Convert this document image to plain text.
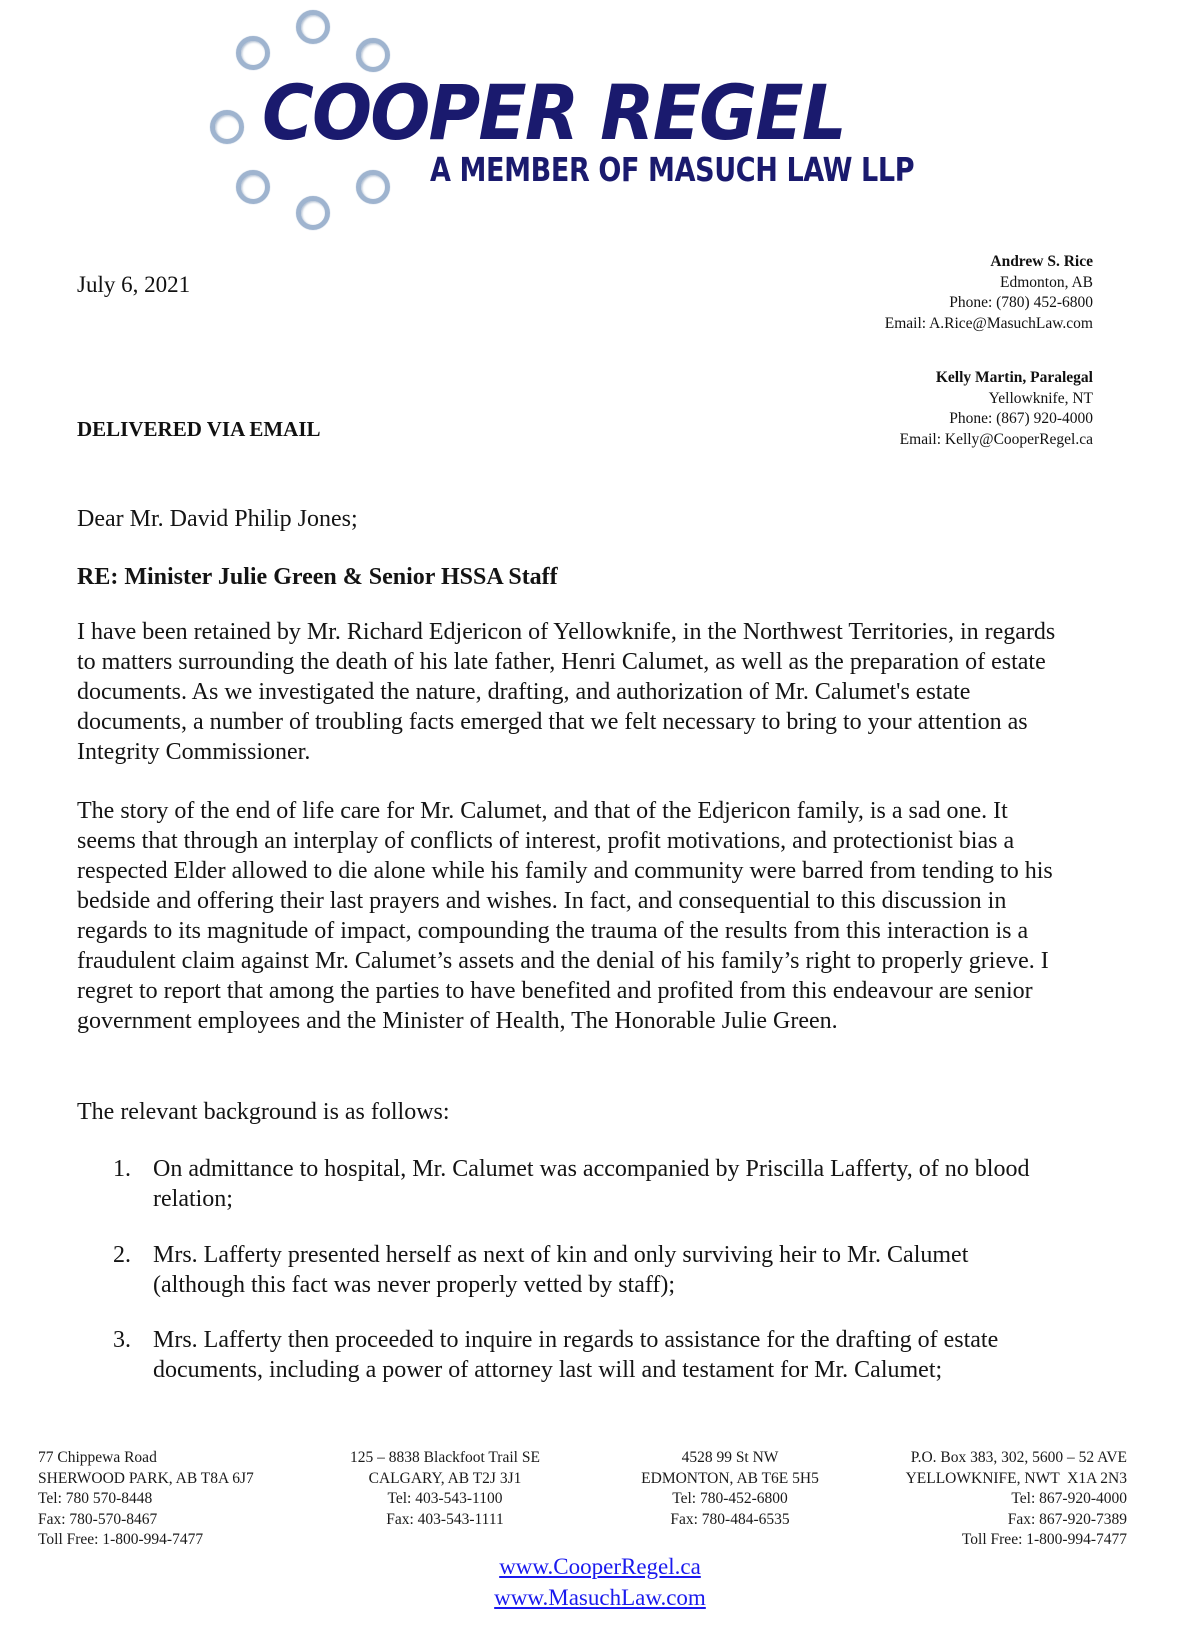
COOPER REGEL
A MEMBER OF MASUCH LAW LLP
July 6, 2021
DELIVERED VIA EMAIL
Andrew S. Rice
Edmonton, AB
Phone: (780) 452-6800
Email: A.Rice@MasuchLaw.com
Kelly Martin, Paralegal
Yellowknife, NT
Phone: (867) 920-4000
Email: Kelly@CooperRegel.ca
Dear Mr. David Philip Jones;
RE: Minister Julie Green & Senior HSSA Staff

I have been retained by Mr. Richard Edjericon of Yellowknife, in the Northwest Territories, in regards to matters surrounding the death of his late father, Henri Calumet, as well as the preparation of estate documents. As we investigated the nature, drafting, and authorization of Mr. Calumet's estate documents, a number of troubling facts emerged that we felt necessary to bring to your attention as Integrity Commissioner.

The story of the end of life care for Mr. Calumet, and that of the Edjericon family, is a sad one. It seems that through an interplay of conflicts of interest, profit motivations, and protectionist bias a respected Elder allowed to die alone while his family and community were barred from tending to his bedside and offering their last prayers and wishes. In fact, and consequential to this discussion in regards to its magnitude of impact, compounding the trauma of the results from this interaction is a fraudulent claim against Mr. Calumet’s assets and the denial of his family’s right to properly grieve. I regret to report that among the parties to have benefited and profited from this endeavour are senior government employees and the Minister of Health, The Honorable Julie Green.

The relevant background is as follows:

1. On admittance to hospital, Mr. Calumet was accompanied by Priscilla Lafferty, of no blood relation;
2. Mrs. Lafferty presented herself as next of kin and only surviving heir to Mr. Calumet (although this fact was never properly vetted by staff);
3. Mrs. Lafferty then proceeded to inquire in regards to assistance for the drafting of estate documents, including a power of attorney last will and testament for Mr. Calumet;
77 Chippewa Road
SHERWOOD PARK, AB T8A 6J7
Tel: 780 570-8448
Fax: 780-570-8467
Toll Free: 1-800-994-7477
125 – 8838 Blackfoot Trail SE
CALGARY, AB T2J 3J1
Tel: 403-543-1100
Fax: 403-543-1111
4528 99 St NW
EDMONTON, AB T6E 5H5
Tel: 780-452-6800
Fax: 780-484-6535
P.O. Box 383, 302, 5600 – 52 AVE
YELLOWKNIFE, NWT  X1A 2N3
Tel: 867-920-4000
Fax: 867-920-7389
Toll Free: 1-800-994-7477
www.CooperRegel.ca
www.MasuchLaw.com
